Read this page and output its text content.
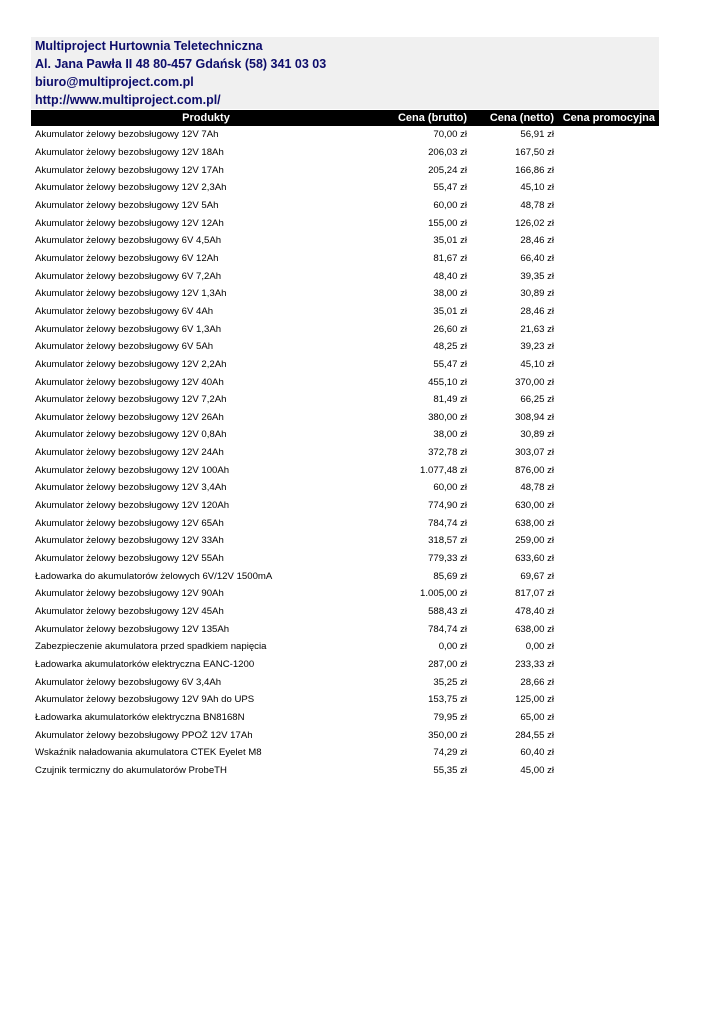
Multiproject Hurtownia Teletechniczna
Al. Jana Pawła II 48 80-457 Gdańsk (58) 341 03 03
biuro@multiproject.com.pl
http://www.multiproject.com.pl/
Produkty	Cena (brutto)	Cena (netto)	Cena promocyjna
Akumulator żelowy bezobsługowy 12V 7Ah	70,00 zł	56,91 zł	
Akumulator żelowy bezobsługowy 12V 18Ah	206,03 zł	167,50 zł	
Akumulator żelowy bezobsługowy 12V 17Ah	205,24 zł	166,86 zł	
Akumulator żelowy bezobsługowy 12V 2,3Ah	55,47 zł	45,10 zł	
Akumulator żelowy bezobsługowy 12V 5Ah	60,00 zł	48,78 zł	
Akumulator żelowy bezobsługowy 12V 12Ah	155,00 zł	126,02 zł	
Akumulator żelowy bezobsługowy 6V 4,5Ah	35,01 zł	28,46 zł	
Akumulator żelowy bezobsługowy 6V 12Ah	81,67 zł	66,40 zł	
Akumulator żelowy bezobsługowy 6V 7,2Ah	48,40 zł	39,35 zł	
Akumulator żelowy bezobsługowy 12V 1,3Ah	38,00 zł	30,89 zł	
Akumulator żelowy bezobsługowy 6V 4Ah	35,01 zł	28,46 zł	
Akumulator żelowy bezobsługowy 6V 1,3Ah	26,60 zł	21,63 zł	
Akumulator żelowy bezobsługowy 6V 5Ah	48,25 zł	39,23 zł	
Akumulator żelowy bezobsługowy 12V 2,2Ah	55,47 zł	45,10 zł	
Akumulator żelowy bezobsługowy 12V 40Ah	455,10 zł	370,00 zł	
Akumulator żelowy bezobsługowy 12V 7,2Ah	81,49 zł	66,25 zł	
Akumulator żelowy bezobsługowy 12V 26Ah	380,00 zł	308,94 zł	
Akumulator żelowy bezobsługowy 12V 0,8Ah	38,00 zł	30,89 zł	
Akumulator żelowy bezobsługowy 12V 24Ah	372,78 zł	303,07 zł	
Akumulator żelowy bezobsługowy 12V 100Ah	1.077,48 zł	876,00 zł	
Akumulator żelowy bezobsługowy 12V 3,4Ah	60,00 zł	48,78 zł	
Akumulator żelowy bezobsługowy 12V 120Ah	774,90 zł	630,00 zł	
Akumulator żelowy bezobsługowy 12V 65Ah	784,74 zł	638,00 zł	
Akumulator żelowy bezobsługowy 12V 33Ah	318,57 zł	259,00 zł	
Akumulator żelowy bezobsługowy 12V 55Ah	779,33 zł	633,60 zł	
Ładowarka do akumulatorów żelowych 6V/12V 1500mA	85,69 zł	69,67 zł	
Akumulator żelowy bezobsługowy 12V 90Ah	1.005,00 zł	817,07 zł	
Akumulator żelowy bezobsługowy 12V 45Ah	588,43 zł	478,40 zł	
Akumulator żelowy bezobsługowy 12V 135Ah	784,74 zł	638,00 zł	
Zabezpieczenie akumulatora przed spadkiem napięcia	0,00 zł	0,00 zł	
Ładowarka akumulatorków elektryczna EANC-1200	287,00 zł	233,33 zł	
Akumulator żelowy bezobsługowy 6V 3,4Ah	35,25 zł	28,66 zł	
Akumulator żelowy bezobsługowy 12V 9Ah do UPS	153,75 zł	125,00 zł	
Ładowarka akumulatorków elektryczna BN8168N	79,95 zł	65,00 zł	
Akumulator żelowy bezobsługowy PPOŻ 12V 17Ah	350,00 zł	284,55 zł	
Wskaźnik naładowania akumulatora CTEK Eyelet M8	74,29 zł	60,40 zł	
Czujnik termiczny do akumulatorów ProbeTH	55,35 zł	45,00 zł	
